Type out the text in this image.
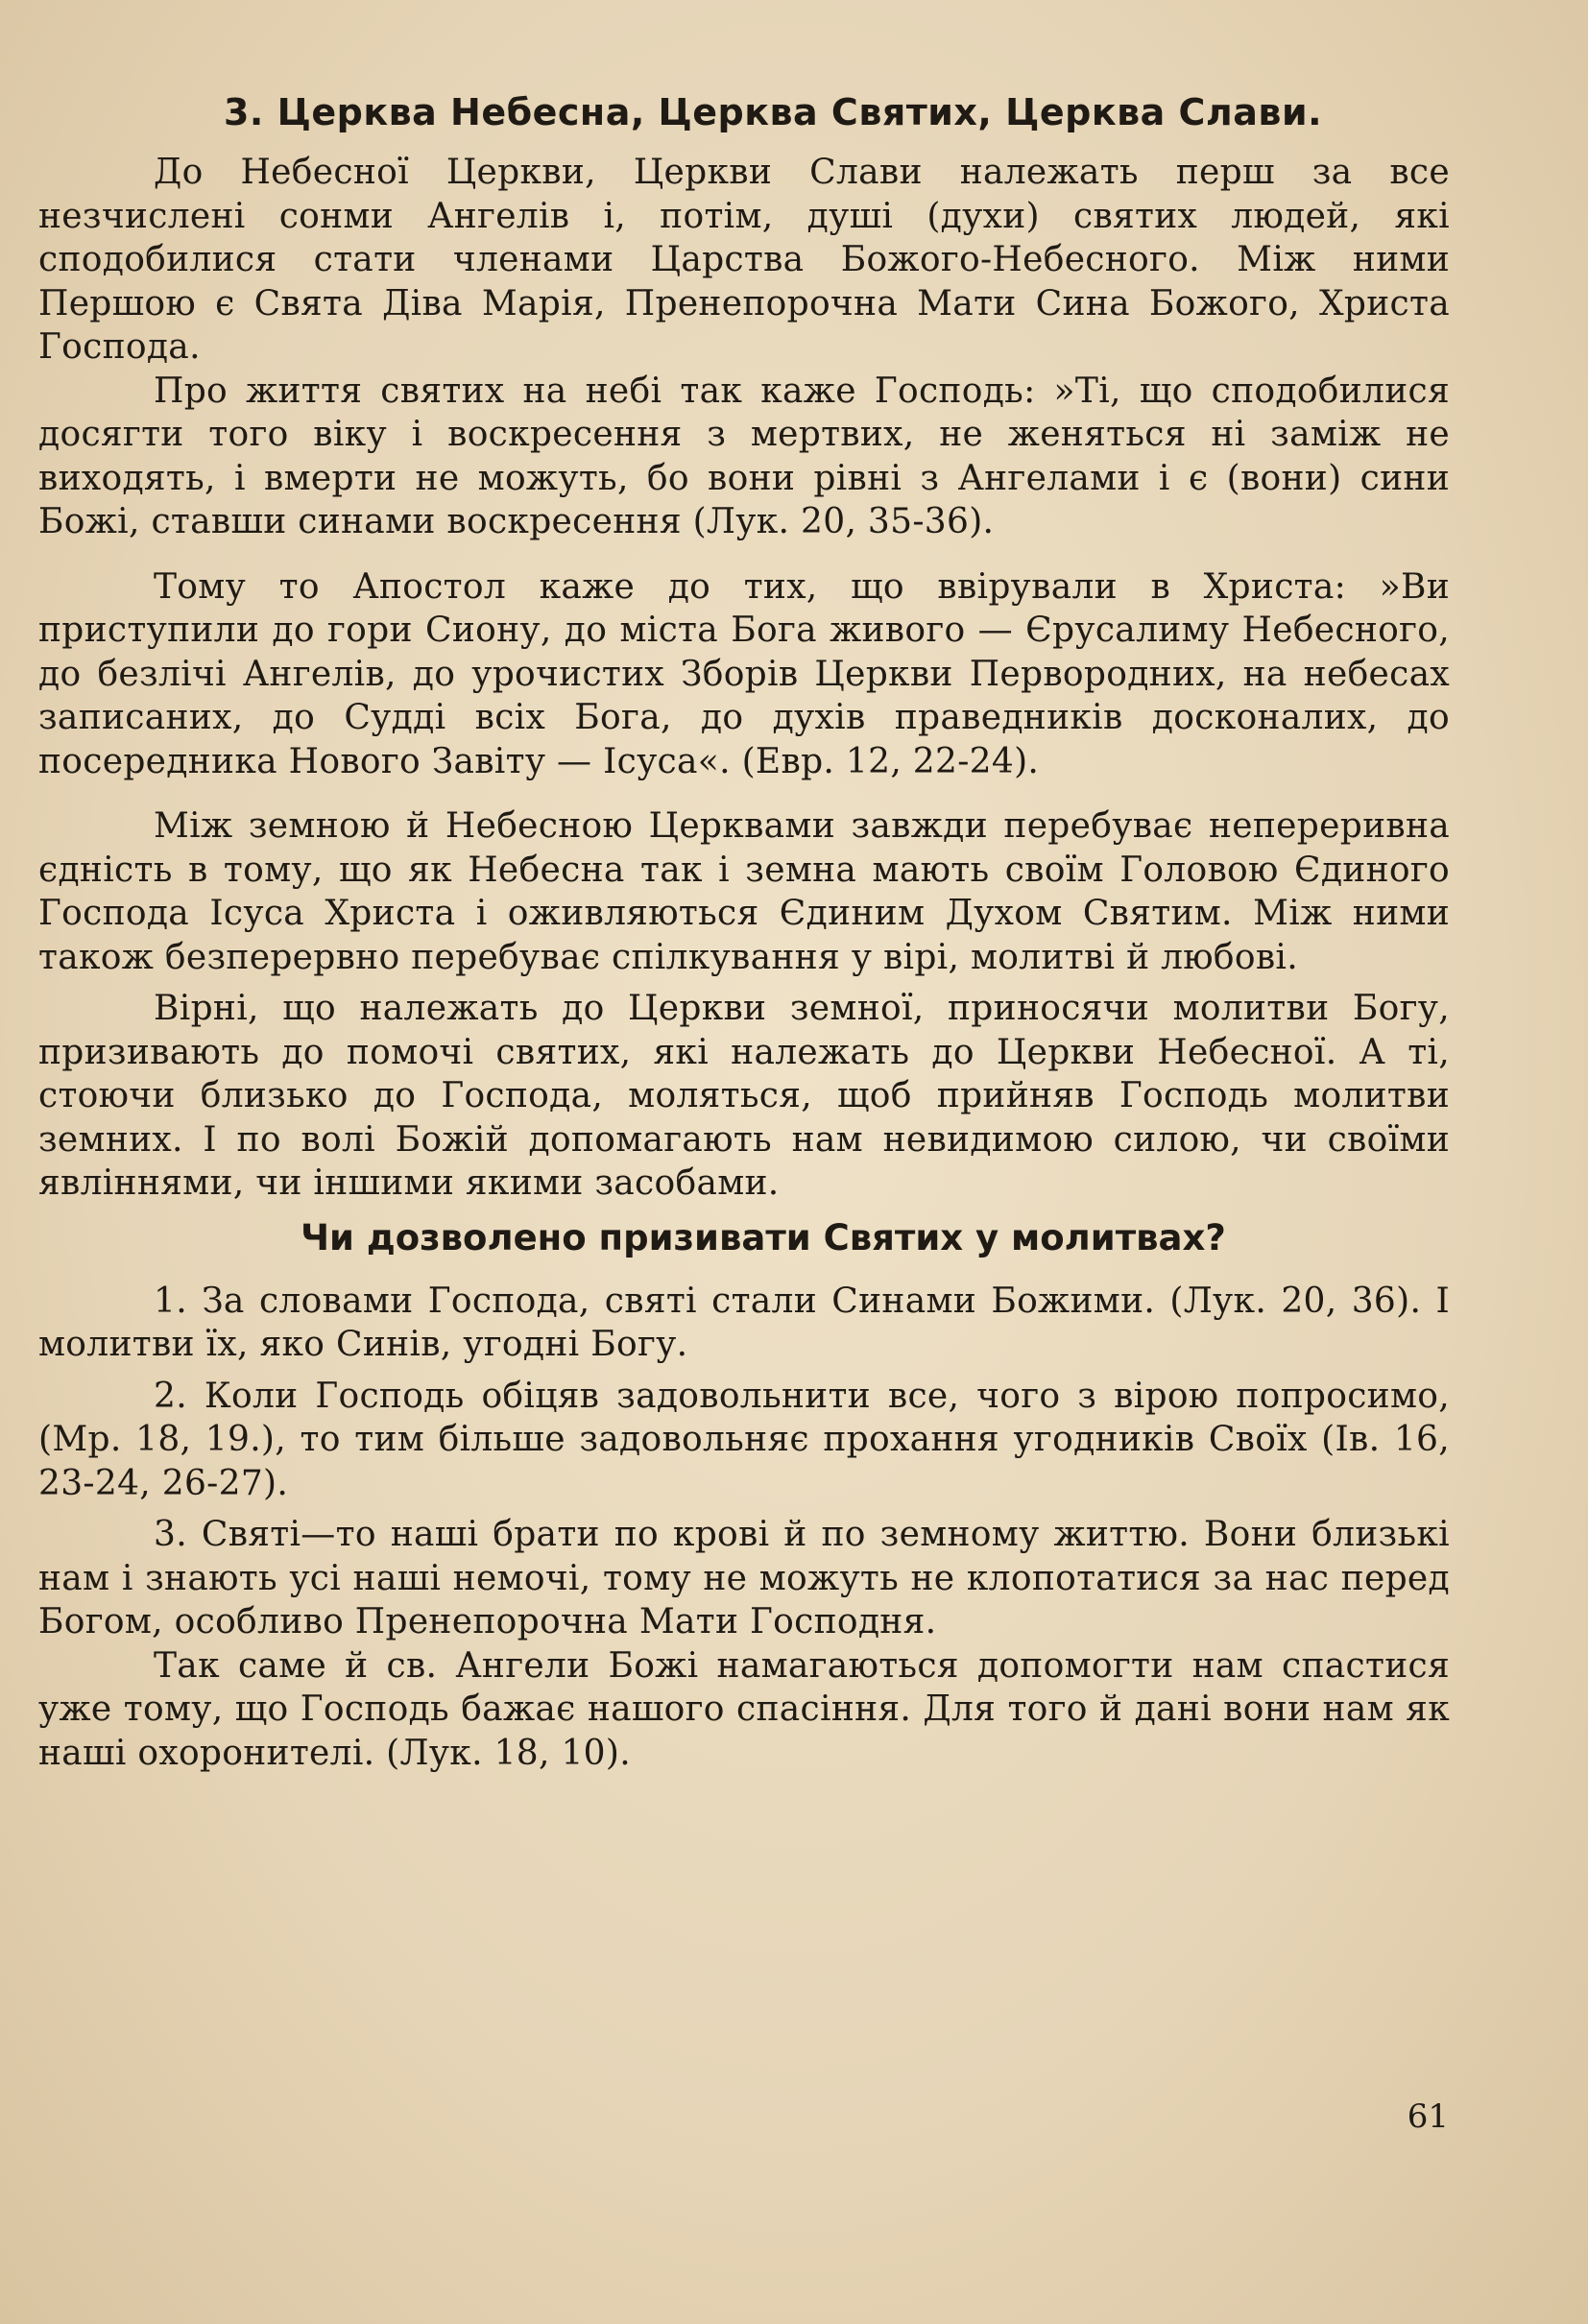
3. Церква Небесна, Церква Святих, Церква Слави.

До Небесної Церкви, Церкви Слави належать перш за все незчислені сонми Ангелів і, потім, душі (духи) святих людей, які сподобилися стати членами Царства Божого-Небесного. Між ними Першою є Свята Діва Марія, Пренепорочна Мати Сина Божого, Христа Господа.

Про життя святих на небі так каже Господь: »Ті, що сподобилися досягти того віку і воскресення з мертвих, не женяться ні заміж не виходять, і вмерти не можуть, бо вони рівні з Ангелами і є (вони) сини Божі, ставши синами воскресення (Лук. 20, 35-36).

Тому то Апостол каже до тих, що ввірували в Христа: »Ви приступили до гори Сиону, до міста Бога живого — Єрусалиму Небесного, до безлічі Ангелів, до урочистих Зборів Церкви Первородних, на небесах записаних, до Судді всіх Бога, до духів праведників досконалих, до посередника Нового Завіту — Ісуса«. (Евр. 12, 22-24).

Між земною й Небесною Церквами завжди перебуває непереривна єдність в тому, що як Небесна так і земна мають своїм Головою Єдиного Господа Ісуса Христа і оживляються Єдиним Духом Святим. Між ними також безперервно перебуває спілкування у вірі, молитві й любові.

Вірні, що належать до Церкви земної, приносячи молитви Богу, призивають до помочі святих, які належать до Церкви Небесної. А ті, стоючи близько до Господа, моляться, щоб прийняв Господь молитви земних. І по волі Божій допомагають нам невидимою силою, чи своїми явліннями, чи іншими якими засобами.

Чи дозволено призивати Святих у молитвах?

1. За словами Господа, святі стали Синами Божими. (Лук. 20, 36). І молитви їх, яко Синів, угодні Богу.

2. Коли Господь обіцяв задовольнити все, чого з вірою попросимо, (Мр. 18, 19.), то тим більше задовольняє прохання угодників Своїх (Ів. 16, 23-24, 26-27).

3. Святі—то наші брати по крові й по земному життю. Вони близькі нам і знають усі наші немочі, тому не можуть не клопотатися за нас перед Богом, особливо Пренепорочна Мати Господня.

Так саме й св. Ангели Божі намагаються допомогти нам спастися уже тому, що Господь бажає нашого спасіння. Для того й дані вони нам як наші охоронителі. (Лук. 18, 10).

61
